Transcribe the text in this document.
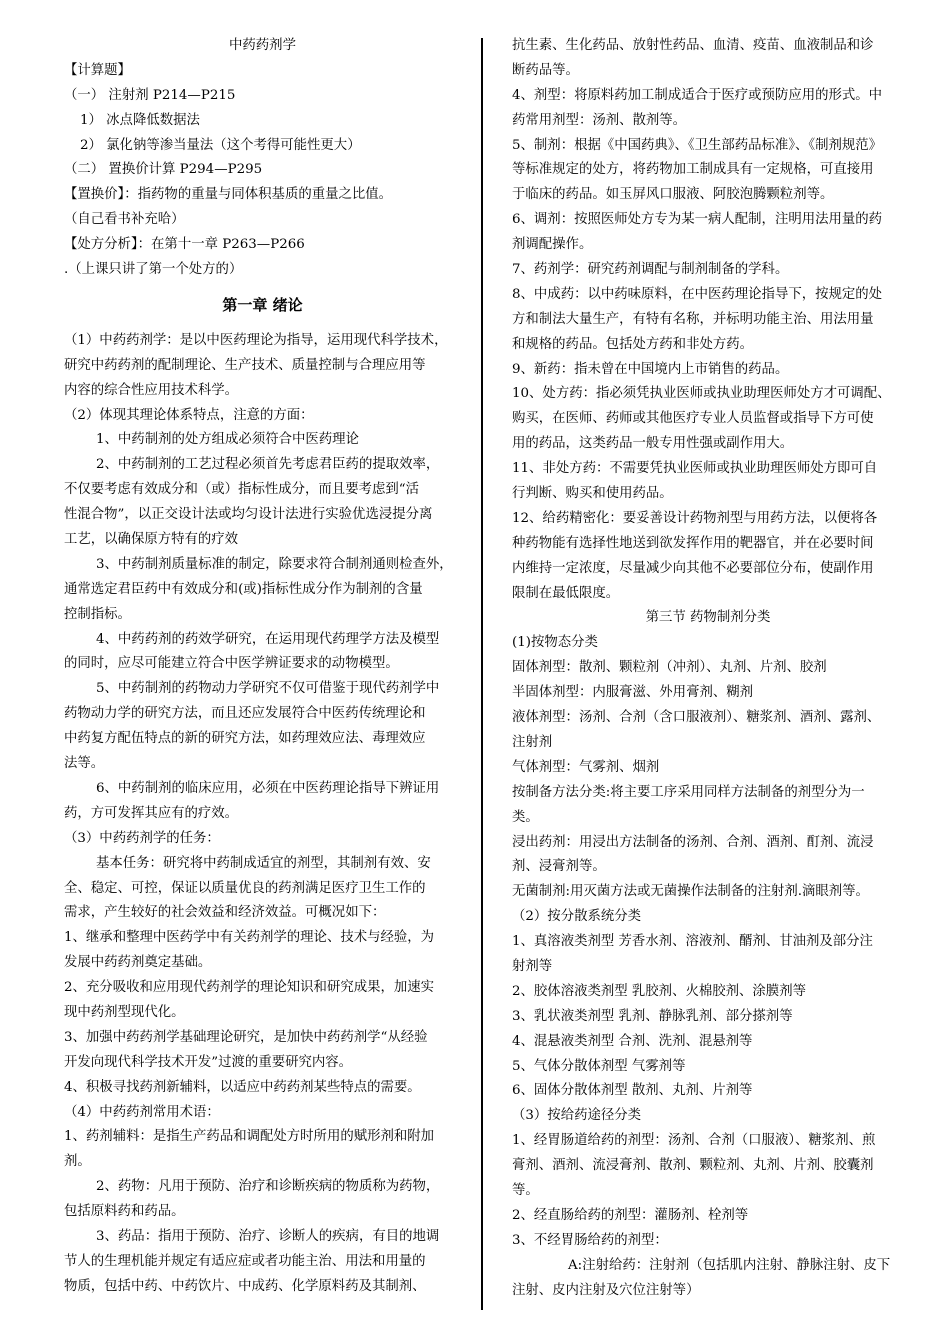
中药药剂学
【计算题】
（一） 注射剂 P214—P215
1） 冰点降低数据法
2） 氯化钠等渗当量法（这个考得可能性更大）
（二） 置换价计算 P294—P295
【置换价】：指药物的重量与同体积基质的重量之比值。
（自己看书补充哈）
【处方分析】：在第十一章 P263—P266
.（上课只讲了第一个处方的）
第一章 绪论
（1）中药药剂学：是以中医药理论为指导，运用现代科学技术，
研究中药药剂的配制理论、生产技术、质量控制与合理应用等
内容的综合性应用技术科学。
（2）体现其理论体系特点，注意的方面：
1、中药制剂的处方组成必须符合中医药理论
2、中药制剂的工艺过程必须首先考虑君臣药的提取效率，
不仅要考虑有效成分和（或）指标性成分，而且要考虑到“活
性混合物”，以正交设计法或均匀设计法进行实验优选浸提分离
工艺，以确保原方特有的疗效
3、中药制剂质量标准的制定，除要求符合制剂通则检查外，
通常选定君臣药中有效成分和(或)指标性成分作为制剂的含量
控制指标。
4、中药药剂的药效学研究，在运用现代药理学方法及模型
的同时，应尽可能建立符合中医学辨证要求的动物模型。
5、中药制剂的药物动力学研究不仅可借鉴于现代药剂学中
药物动力学的研究方法，而且还应发展符合中医药传统理论和
中药复方配伍特点的新的研究方法，如药理效应法、毒理效应
法等。
6、中药制剂的临床应用，必须在中医药理论指导下辨证用
药，方可发挥其应有的疗效。
（3）中药药剂学的任务：
基本任务：研究将中药制成适宜的剂型，其制剂有效、安
全、稳定、可控，保证以质量优良的药剂满足医疗卫生工作的
需求，产生较好的社会效益和经济效益。可概况如下：
1、继承和整理中医药学中有关药剂学的理论、技术与经验，为
发展中药药剂奠定基础。
2、充分吸收和应用现代药剂学的理论知识和研究成果，加速实
现中药剂型现代化。
3、加强中药药剂学基础理论研究，是加快中药药剂学“从经验
开发向现代科学技术开发”过渡的重要研究内容。
4、积极寻找药剂新辅料，以适应中药药剂某些特点的需要。
（4）中药药剂常用术语：
1、药剂辅料：是指生产药品和调配处方时所用的赋形剂和附加
剂。
2、药物：凡用于预防、治疗和诊断疾病的物质称为药物，
包括原料药和药品。
3、药品：指用于预防、治疗、诊断人的疾病，有目的地调
节人的生理机能并规定有适应症或者功能主治、用法和用量的
物质，包括中药、中药饮片、中成药、化学原料药及其制剂、
抗生素、生化药品、放射性药品、血清、疫苗、血液制品和诊
断药品等。
4、剂型：将原料药加工制成适合于医疗或预防应用的形式。中
药常用剂型：汤剂、散剂等。
5、制剂：根据《中国药典》、《卫生部药品标准》、《制剂规范》
等标准规定的处方，将药物加工制成具有一定规格，可直接用
于临床的药品。如玉屏风口服液、阿胶泡腾颗粒剂等。
6、调剂：按照医师处方专为某一病人配制，注明用法用量的药
剂调配操作。
7、药剂学：研究药剂调配与制剂制备的学科。
8、中成药：以中药味原料，在中医药理论指导下，按规定的处
方和制法大量生产，有特有名称，并标明功能主治、用法用量
和规格的药品。包括处方药和非处方药。
9、新药：指未曾在中国境内上市销售的药品。
10、处方药：指必须凭执业医师或执业助理医师处方才可调配、
购买，在医师、药师或其他医疗专业人员监督或指导下方可使
用的药品，这类药品一般专用性强或副作用大。
11、非处方药：不需要凭执业医师或执业助理医师处方即可自
行判断、购买和使用药品。
12、给药精密化：要妥善设计药物剂型与用药方法，以便将各
种药物能有选择性地送到欲发挥作用的靶器官，并在必要时间
内维持一定浓度，尽量减少向其他不必要部位分布，使副作用
限制在最低限度。
第三节 药物制剂分类
(1)按物态分类
固体剂型：散剂、颗粒剂（冲剂）、丸剂、片剂、胶剂
半固体剂型：内服膏滋、外用膏剂、糊剂
液体剂型：汤剂、合剂（含口服液剂）、糖浆剂、酒剂、露剂、
注射剂
气体剂型：气雾剂、烟剂
按制备方法分类:将主要工序采用同样方法制备的剂型分为一
类。
浸出药剂：用浸出方法制备的汤剂、合剂、酒剂、酊剂、流浸
剂、浸膏剂等。
无菌制剂:用灭菌方法或无菌操作法制备的注射剂.滴眼剂等。
（2）按分散系统分类
1、真溶液类剂型 芳香水剂、溶液剂、醑剂、甘油剂及部分注
射剂等
2、胶体溶液类剂型 乳胶剂、火棉胶剂、涂膜剂等
3、乳状液类剂型 乳剂、静脉乳剂、部分搽剂等
4、混悬液类剂型 合剂、洗剂、混悬剂等
5、气体分散体剂型 气雾剂等
6、固体分散体剂型 散剂、丸剂、片剂等
（3）按给药途径分类
1、经胃肠道给药的剂型：汤剂、合剂（口服液）、糖浆剂、煎
膏剂、酒剂、流浸膏剂、散剂、颗粒剂、丸剂、片剂、胶囊剂
等。
2、经直肠给药的剂型：灌肠剂、栓剂等
3、不经胃肠给药的剂型：
A:注射给药：注射剂（包括肌内注射、静脉注射、皮下
注射、皮内注射及穴位注射等）
